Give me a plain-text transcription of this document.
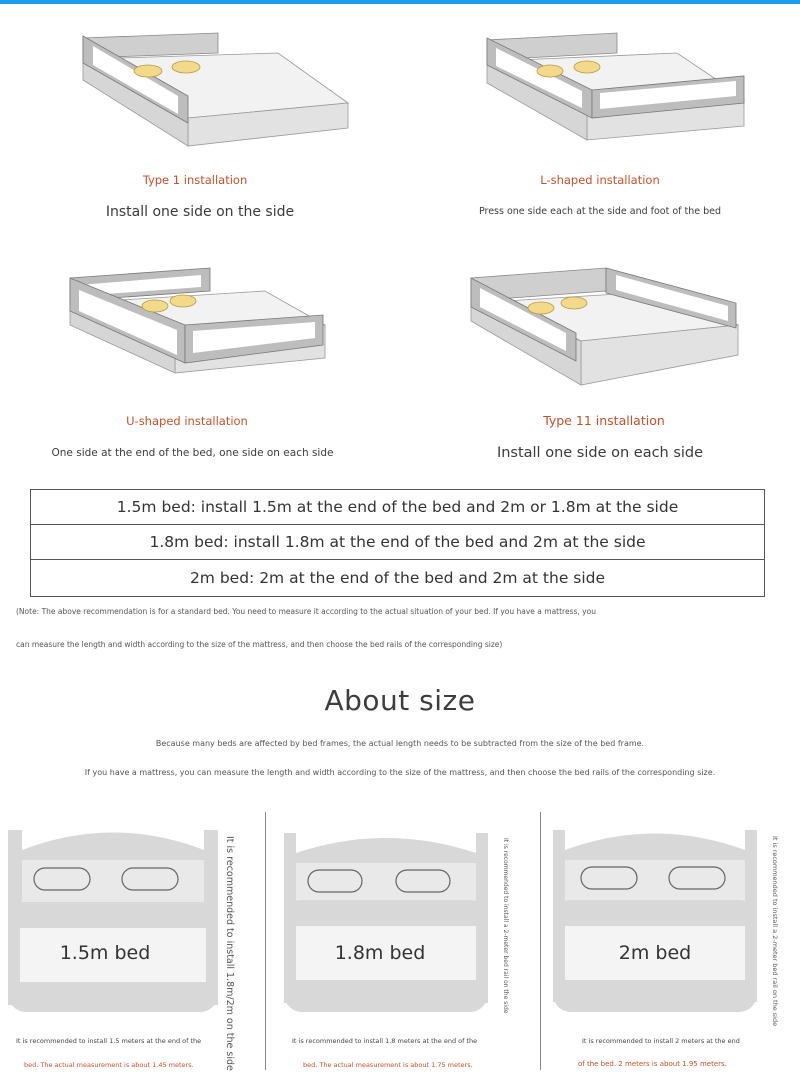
Type 1 installation
Install one side on the side
L-shaped installation
Press one side each at the side and foot of the bed
U-shaped installation
One side at the end of the bed, one side on each side
Type 11 installation
Install one side on each side
1.5m bed: install 1.5m at the end of the bed and 2m or 1.8m at the side
1.8m bed: install 1.8m at the end of the bed and 2m at the side
2m bed: 2m at the end of the bed and 2m at the side
(Note: The above recommendation is for a standard bed. You need to measure it according to the actual situation of your bed. If you have a mattress, you
can measure the length and width according to the size of the mattress, and then choose the bed rails of the corresponding size)
About size
Because many beds are affected by bed frames, the actual length needs to be subtracted from the size of the bed frame.
If you have a mattress, you can measure the length and width according to the size of the mattress, and then choose the bed rails of the corresponding size.
1.5m bed	1.8m bed	2m bed
It is recommended to install 1.8m/2m on the side	It is recommended to install a 2-meter bed rail on the side	It is recommended to install a 2-meter bed rail on the side
It is recommended to install 1.5 meters at the end of the
bed. The actual measurement is about 1.45 meters.
It is recommended to install 1.8 meters at the end of the
bed. The actual measurement is about 1.75 meters.
It is recommended to install 2 meters at the end
of the bed. 2 meters is about 1.95 meters.
